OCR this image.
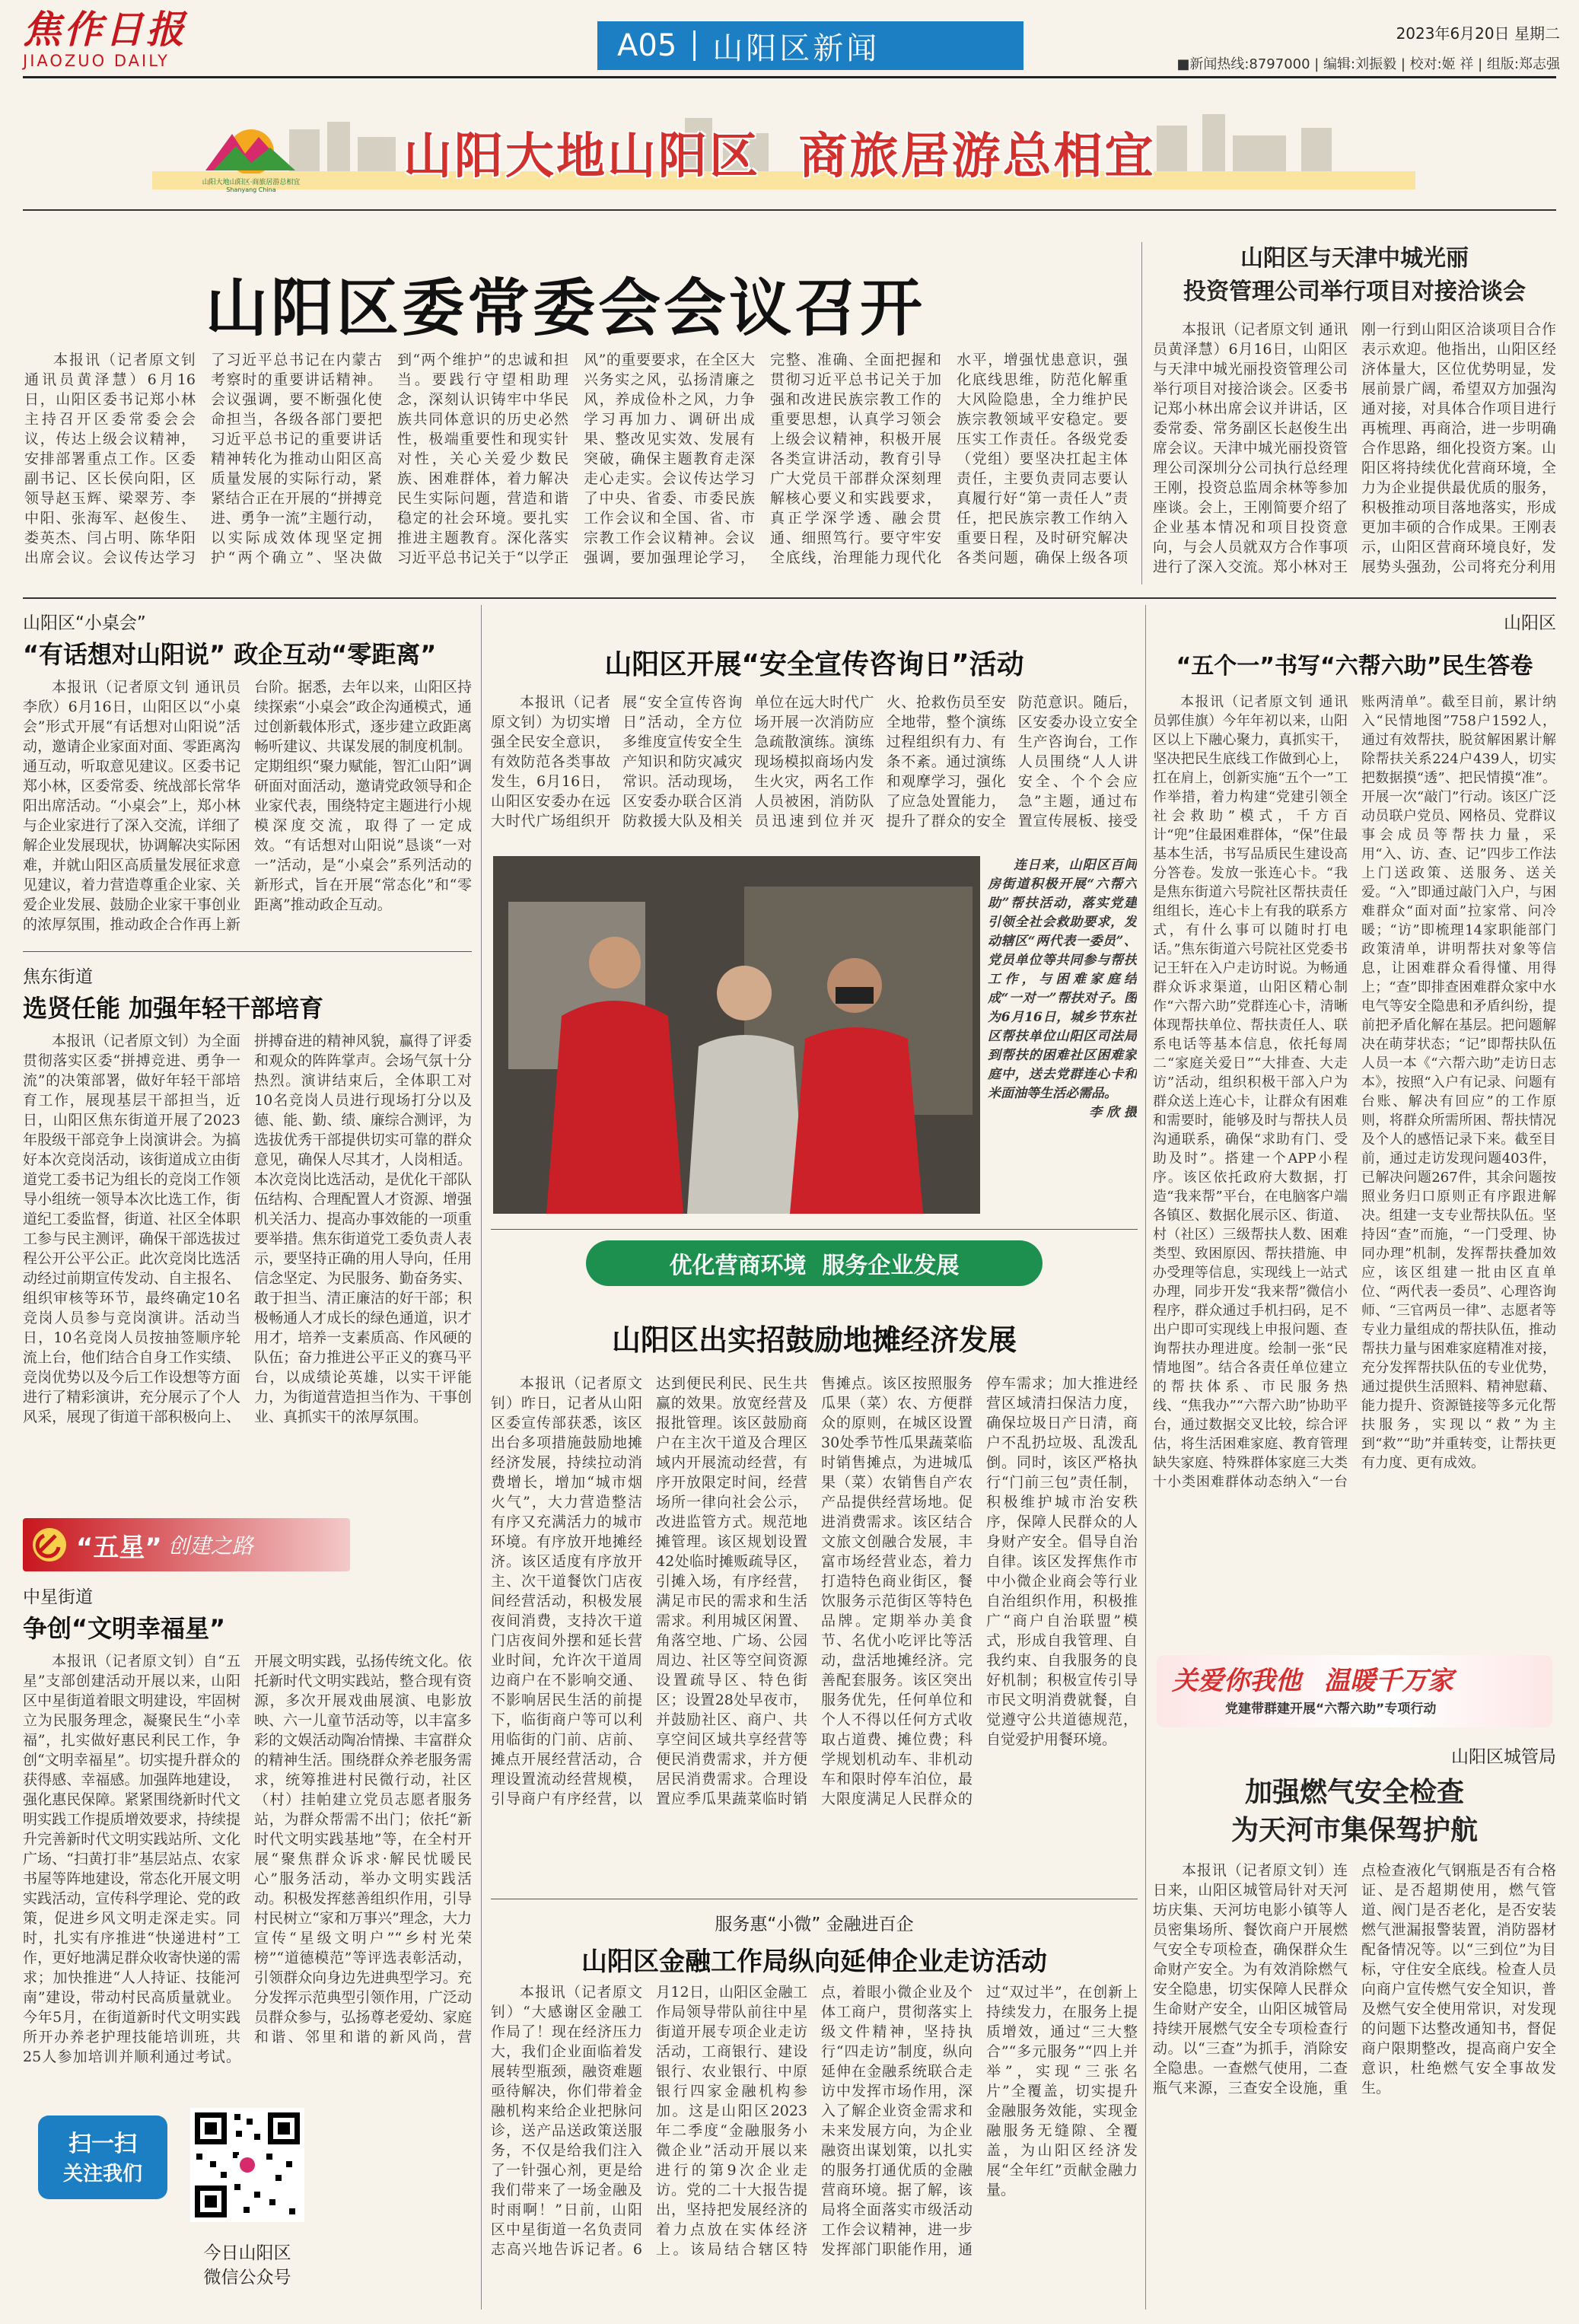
焦作日报
JIAOZUO DAILY	A05 山阳区新闻	2023年6月20日 星期二
■新闻热线:8797000 | 编辑:刘振毅 | 校对:姬 祥 | 组版:郑志强
山阳大地山阳区·商旅居游总相宜
Shanyang China
山阳大地山阳区  商旅居游总相宜
山阳区委常委会会议召开

本报讯（记者原文钊 通讯员黄泽慧）6月16日，山阳区委书记郑小林主持召开区委常委会会议，传达上级会议精神，安排部署重点工作。区委副书记、区长侯向阳，区领导赵玉辉、梁翠芳、李中阳、张海军、赵俊生、娄英杰、闫占明、陈华阳出席会议。会议传达学习了习近平总书记在内蒙古考察时的重要讲话精神。会议强调，要不断强化使命担当，各级各部门要把习近平总书记的重要讲话精神转化为推动山阳区高质量发展的实际行动，紧紧结合正在开展的“拼搏竞进、勇争一流”主题行动，以实际成效体现坚定拥护“两个确立”、坚决做到“两个维护”的忠诚和担当。要践行守望相助理念，深刻认识铸牢中华民族共同体意识的历史必然性，极端重要性和现实针对性，关心关爱少数民族、困难群体，着力解决民生实际问题，营造和谐稳定的社会环境。要扎实推进主题教育。深化落实习近平总书记关于“以学正风”的重要要求，在全区大兴务实之风，弘扬清廉之风，养成俭朴之风，力争学习再加力、调研出成果、整改见实效、发展有突破，确保主题教育走深走心走实。会议传达学习了中央、省委、市委民族工作会议和全国、省、市宗教工作会议精神。会议强调，要加强理论学习，完整、准确、全面把握和贯彻习近平总书记关于加强和改进民族宗教工作的重要思想，认真学习领会上级会议精神，积极开展各类宣讲活动，教育引导广大党员干部群众深刻理解核心要义和实践要求，真正学深学透、融会贯通、细照笃行。要守牢安全底线，治理能力现代化水平，增强忧患意识，强化底线思维，防范化解重大风险隐患，全力维护民族宗教领域平安稳定。要压实工作责任。各级党委（党组）要坚决扛起主体责任，主要负责同志要认真履行好“第一责任人”责任，把民族宗教工作纳入重要日程，及时研究解决各类问题，确保上级各项

山阳区与天津中城光丽
投资管理公司举行项目对接洽谈会

本报讯（记者原文钊 通讯员黄泽慧）6月16日，山阳区与天津中城光丽投资管理公司举行项目对接洽谈会。区委书记郑小林出席会议并讲话，区委常委、常务副区长赵俊生出席会议。天津中城光丽投资管理公司深圳分公司执行总经理王刚，投资总监周余林等参加座谈。会上，王刚简要介绍了企业基本情况和项目投资意向，与会人员就双方合作事项进行了深入交流。郑小林对王刚一行到山阳区洽谈项目合作表示欢迎。他指出，山阳区经济体量大，区位优势明显，发展前景广阔，希望双方加强沟通对接，对具体合作项目进行再梳理、再商洽，进一步明确合作思路，细化投资方案。山阳区将持续优化营商环境，全力为企业提供最优质的服务，积极推动项目落地落实，形成更加丰硕的合作成果。王刚表示，山阳区营商环境良好，发展势头强劲，公司将充分利用

山阳区“小桌会”
“有话想对山阳说” 政企互动“零距离”

本报讯（记者原文钊 通讯员李欣）6月16日，山阳区以“小桌会”形式开展“有话想对山阳说”活动，邀请企业家面对面、零距离沟通互动，听取意见建议。区委书记郑小林，区委常委、统战部长常华阳出席活动。“小桌会”上，郑小林与企业家进行了深入交流，详细了解企业发展现状，协调解决实际困难，并就山阳区高质量发展征求意见建议，着力营造尊重企业家、关爱企业发展、鼓励企业家干事创业的浓厚氛围，推动政企合作再上新台阶。据悉，去年以来，山阳区持续探索“小桌会”政企沟通模式，通过创新载体形式，逐步建立政距离畅听建议、共谋发展的制度机制。定期组织“聚力赋能，智汇山阳”调研面对面活动，邀请党政领导和企业家代表，围绕特定主题进行小规模深度交流，取得了一定成效。“有话想对山阳说”恳谈“一对一”活动，是“小桌会”系列活动的新形式，旨在开展“常态化”和“零距离”推动政企互动。

焦东街道
选贤任能 加强年轻干部培育

本报讯（记者原文钊）为全面贯彻落实区委“拼搏竞进、勇争一流”的决策部署，做好年轻干部培育工作，展现基层干部担当，近日，山阳区焦东街道开展了2023年股级干部竞争上岗演讲会。为搞好本次竞岗活动，该街道成立由街道党工委书记为组长的竞岗工作领导小组统一领导本次比选工作，街道纪工委监督，街道、社区全体职工参与民主测评，确保干部选拔过程公开公平公正。此次竞岗比选活动经过前期宣传发动、自主报名、组织审核等环节，最终确定10名竞岗人员参与竞岗演讲。活动当日，10名竞岗人员按抽签顺序轮流上台，他们结合自身工作实绩、竞岗优势以及今后工作设想等方面进行了精彩演讲，充分展示了个人风采，展现了街道干部积极向上、拼搏奋进的精神风貌，赢得了评委和观众的阵阵掌声。会场气氛十分热烈。演讲结束后，全体职工对10名竞岗人员进行现场打分以及德、能、勤、绩、廉综合测评，为选拔优秀干部提供切实可靠的群众意见，确保人尽其才，人岗相适。本次竞岗比选活动，是优化干部队伍结构、合理配置人才资源、增强机关活力、提高办事效能的一项重要举措。焦东街道党工委负责人表示，要坚持正确的用人导向，任用信念坚定、为民服务、勤奋务实、敢于担当、清正廉洁的好干部；积极畅通人才成长的绿色通道，识才用才，培养一支素质高、作风硬的队伍；奋力推进公平正义的赛马平台，以成绩论英雄，以实干评能力，为街道营造担当作为、干事创业、真抓实干的浓厚氛围。

“五星” 创建之路
中星街道
争创“文明幸福星”

本报讯（记者原文钊）自“五星”支部创建活动开展以来，山阳区中星街道着眼文明建设，牢固树立为民服务理念，凝聚民生“小幸福”，扎实做好惠民利民工作，争创“文明幸福星”。切实提升群众的获得感、幸福感。加强阵地建设，强化惠民保障。紧紧围绕新时代文明实践工作提质增效要求，持续提升完善新时代文明实践站所、文化广场、“扫黄打非”基层站点、农家书屋等阵地建设，常态化开展文明实践活动，宣传科学理论、党的政策，促进乡风文明走深走实。同时，扎实有序推进“快递进村”工作，更好地满足群众收寄快递的需求；加快推进“人人持证、技能河南”建设，带动村民高质量就业。今年5月，在街道新时代文明实践所开办养老护理技能培训班，共25人参加培训并顺利通过考试。开展文明实践，弘扬传统文化。依托新时代文明实践站，整合现有资源，多次开展戏曲展演、电影放映、六一儿童节活动等，以丰富多彩的文娱活动陶冶情操、丰富群众的精神生活。围绕群众养老服务需求，统筹推进村民微行动，社区（村）挂帕建立党员志愿者服务站，为群众帮需不出门；依托“新时代文明实践基地”等，在全村开展“聚焦群众诉求·解民忧暖民心”服务活动，举办文明实践活动。积极发挥慈善组织作用，引导村民树立“家和万事兴”理念，大力宣传“星级文明户”“乡村光荣榜”“道德模范”等评选表彰活动，引领群众向身边先进典型学习。充分发挥示范典型引领作用，广泛动员群众参与，弘扬尊老爱幼、家庭和谐、邻里和谐的新风尚，营

扫一扫
关注我们
今日山阳区
微信公众号
山阳区开展“安全宣传咨询日”活动

本报讯（记者原文钊）为切实增强全民安全意识，有效防范各类事故发生，6月16日，山阳区安委办在远大时代广场组织开展“安全宣传咨询日”活动，全方位多维度宣传安全生产知识和防灾减灾常识。活动现场，区安委办联合区消防救援大队及相关单位在远大时代广场开展一次消防应急疏散演练。演练现场模拟商场内发生火灾，两名工作人员被困，消防队员迅速到位并灭火、抢救伤员至安全地带，整个演练过程组织有力、有条不紊。通过演练和观摩学习，强化了应急处置能力，提升了群众的安全防范意识。随后，区安委办设立安全生产咨询台，工作人员围绕“人人讲安全、个个会应急”主题，通过布置宣传展板、接受

连日来，山阳区百间房街道积极开展“六帮六助”帮扶活动，落实党建引领全社会救助要求，发动辖区“两代表一委员”、党员单位等共同参与帮扶工作，与困难家庭结成“一对一”帮扶对子。图为6月16日，城乡节东社区帮扶单位山阳区司法局到帮扶的困难社区困难家庭中，送去党群连心卡和米面油等生活必需品。

李 欣 摄
优化营商环境  服务企业发展
山阳区出实招鼓励地摊经济发展

本报讯（记者原文钊）昨日，记者从山阳区委宣传部获悉，该区出台多项措施鼓励地摊经济发展，持续拉动消费增长，增加“城市烟火气”，大力营造整洁有序又充满活力的城市环境。有序放开地摊经济。该区适度有序放开主、次干道餐饮门店夜间经营活动，积极发展夜间消费，支持次干道门店夜间外摆和延长营业时间，允许次干道周边商户在不影响交通、不影响居民生活的前提下，临街商户等可以利用临街的门前、店前、摊点开展经营活动，合理设置流动经营规模，引导商户有序经营，以达到便民利民、民生共赢的效果。放宽经营及报批管理。该区鼓励商户在主次干道及合理区域内开展流动经营，有序开放限定时间，经营场所一律向社会公示，改进监管方式。规范地摊管理。该区规划设置42处临时摊贩疏导区，引摊入场，有序经营，满足市民的需求和生活需求。利用城区闲置、角落空地、广场、公园周边、社区等空间资源设置疏导区、特色街区；设置28处早夜市，并鼓励社区、商户、共享空间区域共享经营等便民消费需求，并方便居民消费需求。合理设置应季瓜果蔬菜临时销售摊点。该区按照服务瓜果（菜）农、方便群众的原则，在城区设置30处季节性瓜果蔬菜临时销售摊点，为进城瓜果（菜）农销售自产农产品提供经营场地。促进消费需求。该区结合文旅文创融合发展，丰富市场经营业态，着力打造特色商业街区，餐饮服务示范街区等特色品牌。定期举办美食节、名优小吃评比等活动，盘活地摊经济。完善配套服务。该区突出服务优先，任何单位和个人不得以任何方式收取占道费、摊位费；科学规划机动车、非机动车和限时停车泊位，最大限度满足人民群众的停车需求；加大推进经营区域清扫保洁力度，确保垃圾日产日清，商户不乱扔垃圾、乱泼乱倒。同时，该区严格执行“门前三包”责任制，积极维护城市治安秩序，保障人民群众的人身财产安全。倡导自治自律。该区发挥焦作市中小微企业商会等行业自治组织作用，积极推广“商户自治联盟”模式，形成自我管理、自我约束、自我服务的良好机制；积极宣传引导市民文明消费就餐，自觉遵守公共道德规范，自觉爱护用餐环境。

服务惠“小微” 金融进百企
山阳区金融工作局纵向延伸企业走访活动

本报讯（记者原文钊）“大感谢区金融工作局了！现在经济压力大，我们企业面临着发展转型瓶颈，融资难题亟待解决，你们带着金融机构来给企业把脉问诊，送产品送政策送服务，不仅是给我们注入了一针强心剂，更是给我们带来了一场金融及时雨啊！”日前，山阳区中星街道一名负责同志高兴地告诉记者。6月12日，山阳区金融工作局领导带队前往中星街道开展专项企业走访活动，工商银行、建设银行、农业银行、中原银行四家金融机构参加。这是山阳区2023年二季度“金融服务小微企业”活动开展以来进行的第9次企业走访。党的二十大报告提出，坚持把发展经济的着力点放在实体经济上。该局结合辖区特点，着眼小微企业及个体工商户，贯彻落实上级文件精神，坚持执行“四走访”制度，纵向延伸在金融系统联合走访中发挥市场作用，深入了解企业资金需求和未来发展方向，为企业融资出谋划策，以扎实的服务打通优质的金融营商环境。据了解，该局将全面落实市级活动工作会议精神，进一步发挥部门职能作用，通过“双过半”，在创新上持续发力，在服务上提质增效，通过“三大整合”“多元服务”“四上并举”，实现“三张名片”全覆盖，切实提升金融服务效能，实现金融服务无缝隙、全覆盖，为山阳区经济发展“全年红”贡献金融力量。

山阳区
“五个一”书写“六帮六助”民生答卷

本报讯（记者原文钊 通讯员郭佳旗）今年年初以来，山阳区以上下融心聚力，真抓实干，坚决把民生底线工作做到心上，扛在肩上，创新实施“五个一”工作举措，着力构建“党建引领全社会救助”模式，千方百计“兜”住最困难群体，“保”住最基本生活，书写品质民生建设高分答卷。发放一张连心卡。“我是焦东街道六号院社区帮扶责任组组长，连心卡上有我的联系方式，有什么事可以随时打电话。”焦东街道六号院社区党委书记王轩在入户走访时说。为畅通群众诉求渠道，山阳区精心制作“六帮六助”党群连心卡，清晰体现帮扶单位、帮扶责任人、联系电话等基本信息，依托每周二“家庭关爱日”“大排查、大走访”活动，组织积极干部入户为群众送上连心卡，让群众有困难和需要时，能够及时与帮扶人员沟通联系，确保“求助有门、受助及时”。搭建一个APP小程序。该区依托政府大数据，打造“我来帮”平台，在电脑客户端各镇区、数据化展示区、街道、村（社区）三级帮扶人数、困难类型、致困原因、帮扶措施、申办受理等信息，实现线上一站式办理，同步开发“我来帮”微信小程序，群众通过手机扫码，足不出户即可实现线上申报问题、查询帮扶办理进度。绘制一张“民情地图”。结合各责任单位建立的帮扶体系、市民服务热线、“焦我办”“六帮六助”协助平台，通过数据交叉比较，综合评估，将生活困难家庭、教育管理缺失家庭、特殊群体家庭三大类十小类困难群体动态纳入“一台账两清单”。截至目前，累计纳入“民情地图”758户1592人，通过有效帮扶，脱贫解困累计解除帮扶关系224户439人，切实把数据摸“透”、把民情摸“准”。开展一次“敲门”行动。该区广泛动员联户党员、网格员、党群议事会成员等帮扶力量，采用“入、访、查、记”四步工作法上门送政策、送服务、送关爱。“入”即通过敲门入户，与困难群众“面对面”拉家常、问冷暖；“访”即梳理14家职能部门政策清单，讲明帮扶对象等信息，让困难群众看得懂、用得上；“查”即排查困难群众家中水电气等安全隐患和矛盾纠纷，提前把矛盾化解在基层。把问题解决在萌芽状态；“记”即帮扶队伍人员一本《“六帮六助”走访日志本》，按照“入户有记录、问题有台账、解决有回应”的工作原则，将群众所需所困、帮扶情况及个人的感悟记录下来。截至目前，通过走访发现问题403件，已解决问题267件，其余问题按照业务归口原则正有序跟进解决。组建一支专业帮扶队伍。坚持因“查”而施，“一门受理、协同办理”机制，发挥帮扶叠加效应，该区组建一批由区直单位、“两代表一委员”、心理咨询师、“三官两员一律”、志愿者等专业力量组成的帮扶队伍，推动帮扶力量与困难家庭精准对接，充分发挥帮扶队伍的专业优势，通过提供生活照料、精神慰藉、能力提升、资源链接等多元化帮扶服务，实现以“救”为主到“救”“助”并重转变，让帮扶更有力度、更有成效。

关爱你我他 温暖千万家
党建带群建开展“六帮六助”专项行动
山阳区城管局
加强燃气安全检查
为天河市集保驾护航

本报讯（记者原文钊）连日来，山阳区城管局针对天河坊庆集、天河坊电影小镇等人员密集场所、餐饮商户开展燃气安全专项检查，确保群众生命财产安全。为有效消除燃气安全隐患，切实保障人民群众生命财产安全，山阳区城管局持续开展燃气安全专项检查行动。以“三查”为抓手，消除安全隐患。一查燃气使用，二查瓶气来源，三查安全设施，重点检查液化气钢瓶是否有合格证、是否超期使用，燃气管道、阀门是否老化，是否安装燃气泄漏报警装置，消防器材配备情况等。以“三到位”为目标，守住安全底线。检查人员向商户宣传燃气安全知识，普及燃气安全使用常识，对发现的问题下达整改通知书，督促商户限期整改，提高商户安全意识，杜绝燃气安全事故发生。
